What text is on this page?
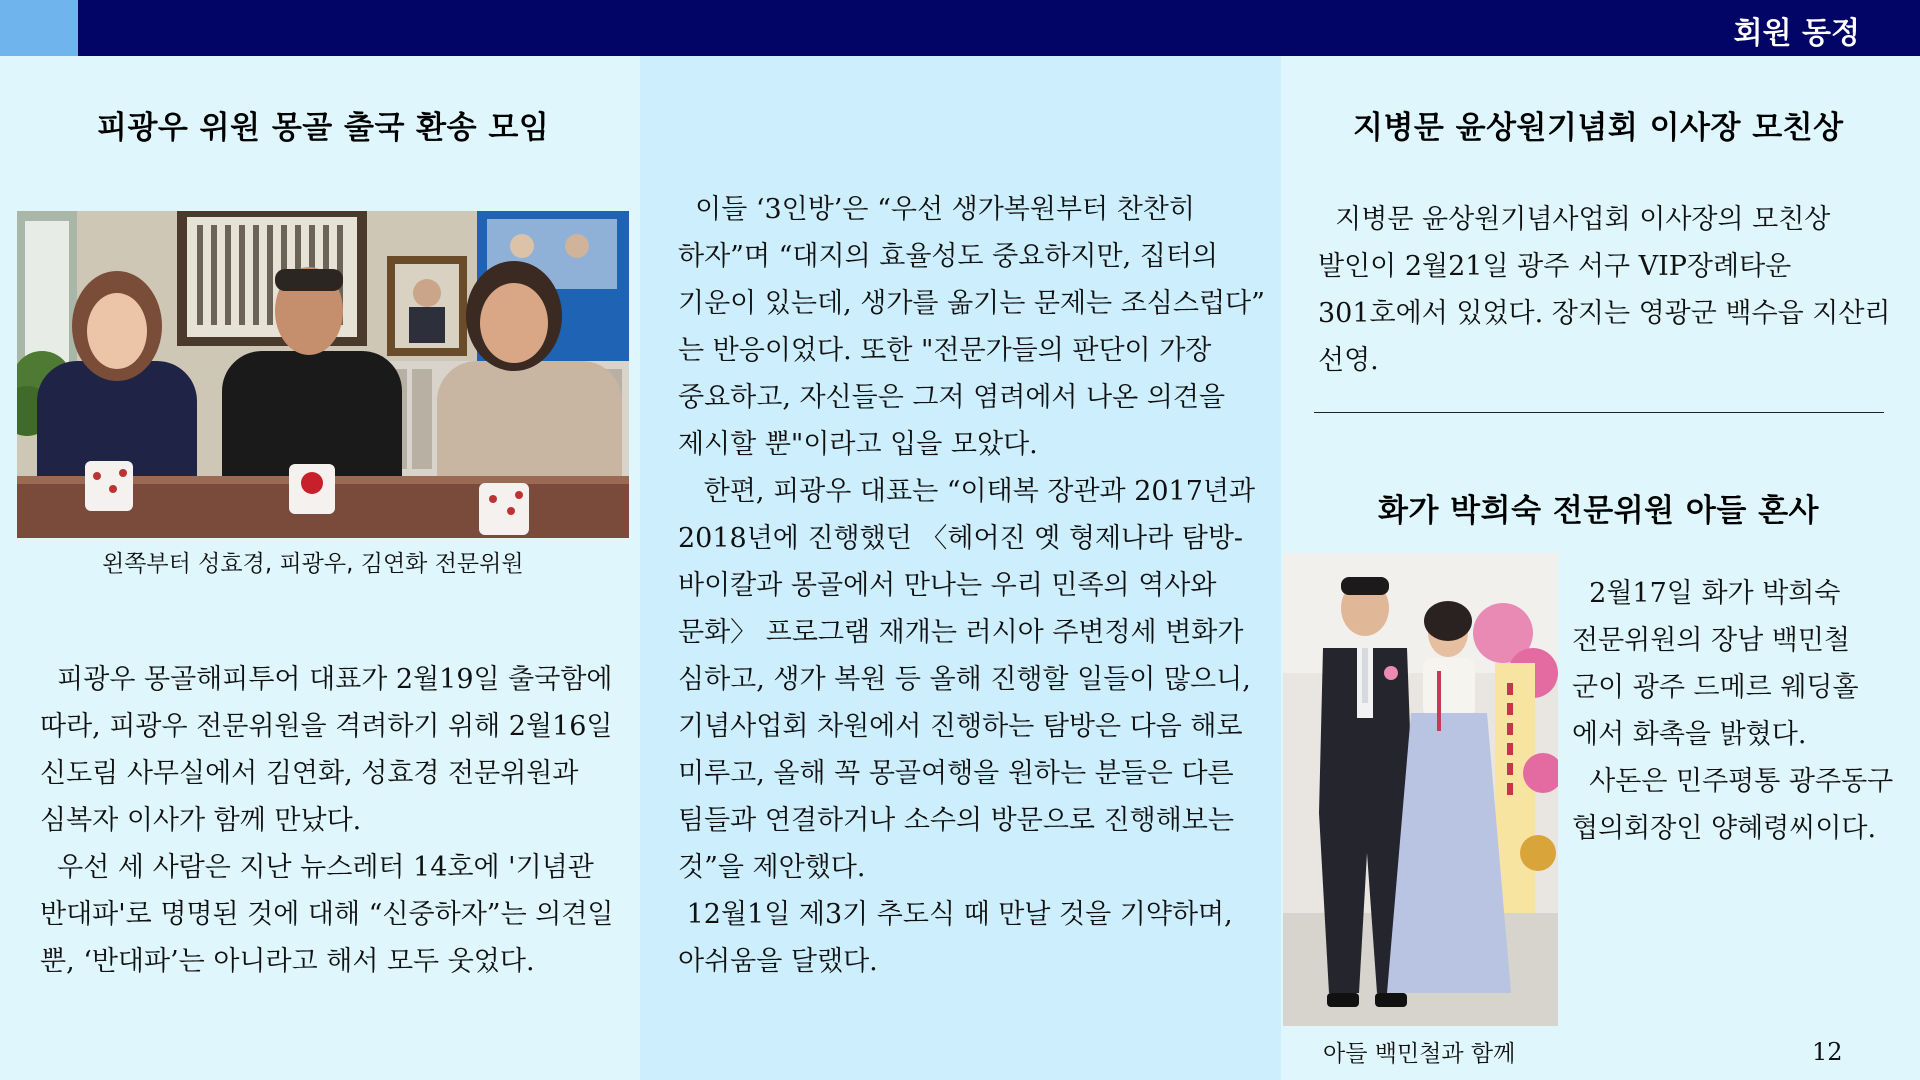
회원 동정
피광우 위원 몽골 출국 환송 모임
왼쪽부터 성효경, 피광우, 김연화 전문위원

피광우 몽골해피투어 대표가 2월19일 출국함에

따라, 피광우 전문위원을 격려하기 위해 2월16일

신도림 사무실에서 김연화, 성효경 전문위원과

심복자 이사가 함께 만났다.

우선 세 사람은 지난 뉴스레터 14호에 '기념관

반대파'로 명명된 것에 대해 “신중하자”는 의견일

뿐, ‘반대파’는 아니라고 해서 모두 웃었다.

이들 ‘3인방’은 “우선 생가복원부터 찬찬히

하자”며 “대지의 효율성도 중요하지만, 집터의

기운이 있는데, 생가를 옮기는 문제는 조심스럽다”

는 반응이었다. 또한 "전문가들의 판단이 가장

중요하고, 자신들은 그저 염려에서 나온 의견을

제시할 뿐"이라고 입을 모았다.

한편, 피광우 대표는 “이태복 장관과 2017년과

2018년에 진행했던 〈헤어진 옛 형제나라 탐방-

바이칼과 몽골에서 만나는 우리 민족의 역사와

문화〉 프로그램 재개는 러시아 주변정세 변화가

심하고, 생가 복원 등 올해 진행할 일들이 많으니,

기념사업회 차원에서 진행하는 탐방은 다음 해로

미루고, 올해 꼭 몽골여행을 원하는 분들은 다른

팀들과 연결하거나 소수의 방문으로 진행해보는

것”을 제안했다.

12월1일 제3기 추도식 때 만날 것을 기약하며,

아쉬움을 달랬다.

지병문 윤상원기념회 이사장 모친상

지병문 윤상원기념사업회 이사장의 모친상

발인이 2월21일 광주 서구 VIP장례타운

301호에서 있었다. 장지는 영광군 백수읍 지산리

선영.

화가 박희숙 전문위원 아들 혼사

2월17일 화가 박희숙

전문위원의 장남 백민철

군이 광주 드메르 웨딩홀

에서 화촉을 밝혔다.

사돈은 민주평통 광주동구

협의회장인 양혜령씨이다.

아들 백민철과 함께	12
